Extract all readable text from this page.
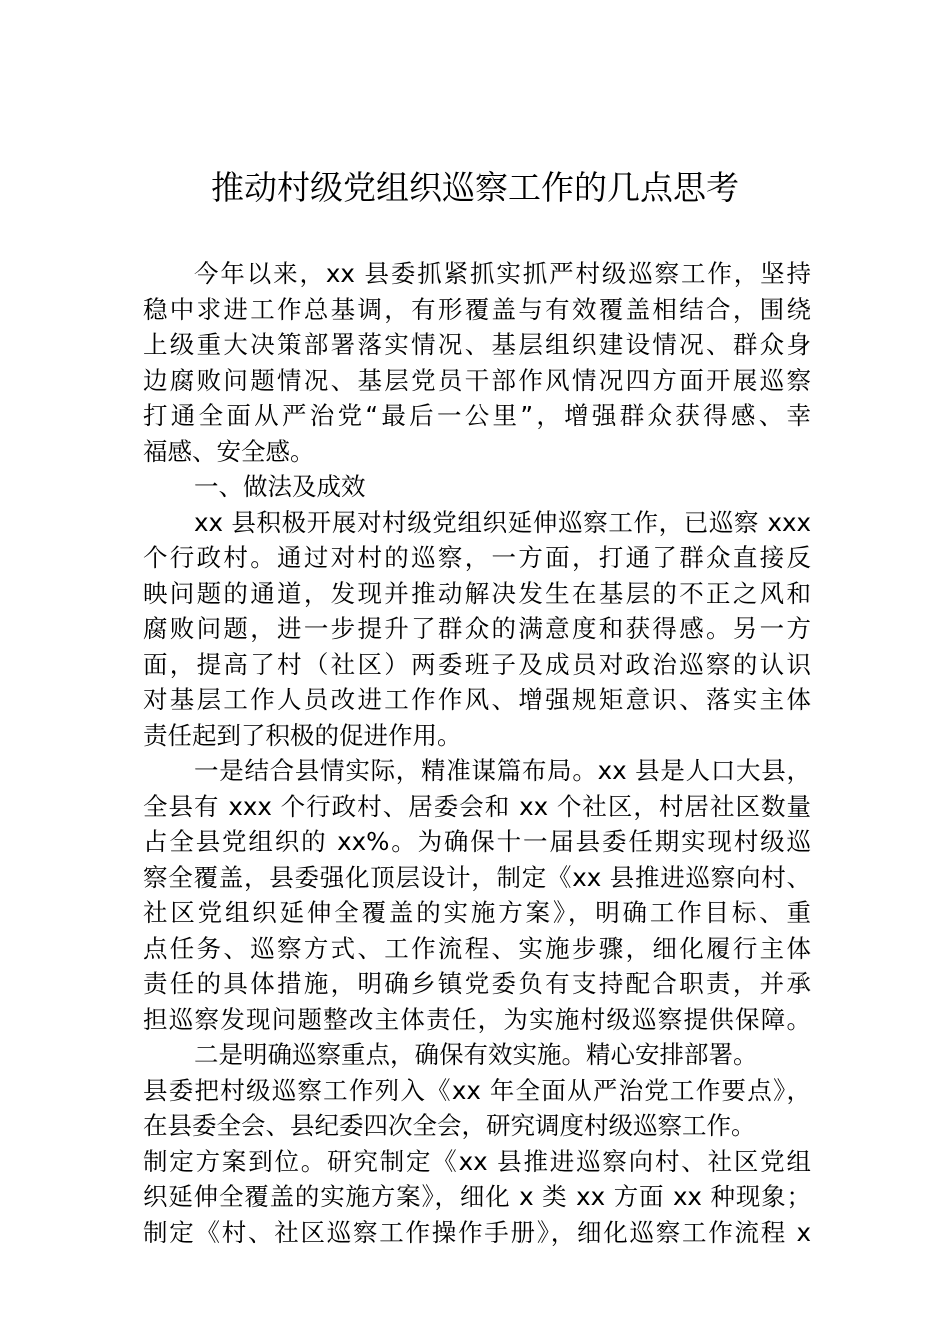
推动村级党组织巡察工作的几点思考
今年以来，xx 县委抓紧抓实抓严村级巡察工作，坚持
稳中求进工作总基调，有形覆盖与有效覆盖相结合，围绕
上级重大决策部署落实情况、基层组织建设情况、群众身
边腐败问题情况、基层党员干部作风情况四方面开展巡察
打通全面从严治党“最后一公里”，增强群众获得感、幸
福感、安全感。
一、做法及成效
xx 县积极开展对村级党组织延伸巡察工作，已巡察 xxx
个行政村。通过对村的巡察，一方面，打通了群众直接反
映问题的通道，发现并推动解决发生在基层的不正之风和
腐败问题，进一步提升了群众的满意度和获得感。另一方
面，提高了村（社区）两委班子及成员对政治巡察的认识
对基层工作人员改进工作作风、增强规矩意识、落实主体
责任起到了积极的促进作用。
一是结合县情实际，精准谋篇布局。xx 县是人口大县，
全县有 xxx 个行政村、居委会和 xx 个社区，村居社区数量
占全县党组织的 xx%。为确保十一届县委任期实现村级巡
察全覆盖，县委强化顶层设计，制定《xx 县推进巡察向村、
社区党组织延伸全覆盖的实施方案》，明确工作目标、重
点任务、巡察方式、工作流程、实施步骤，细化履行主体
责任的具体措施，明确乡镇党委负有支持配合职责，并承
担巡察发现问题整改主体责任，为实施村级巡察提供保障。
二是明确巡察重点，确保有效实施。精心安排部署。
县委把村级巡察工作列入《xx 年全面从严治党工作要点》，
在县委全会、县纪委四次全会，研究调度村级巡察工作。
制定方案到位。研究制定《xx 县推进巡察向村、社区党组
织延伸全覆盖的实施方案》，细化 x 类 xx 方面 xx 种现象；
制定《村、社区巡察工作操作手册》，细化巡察工作流程 x
